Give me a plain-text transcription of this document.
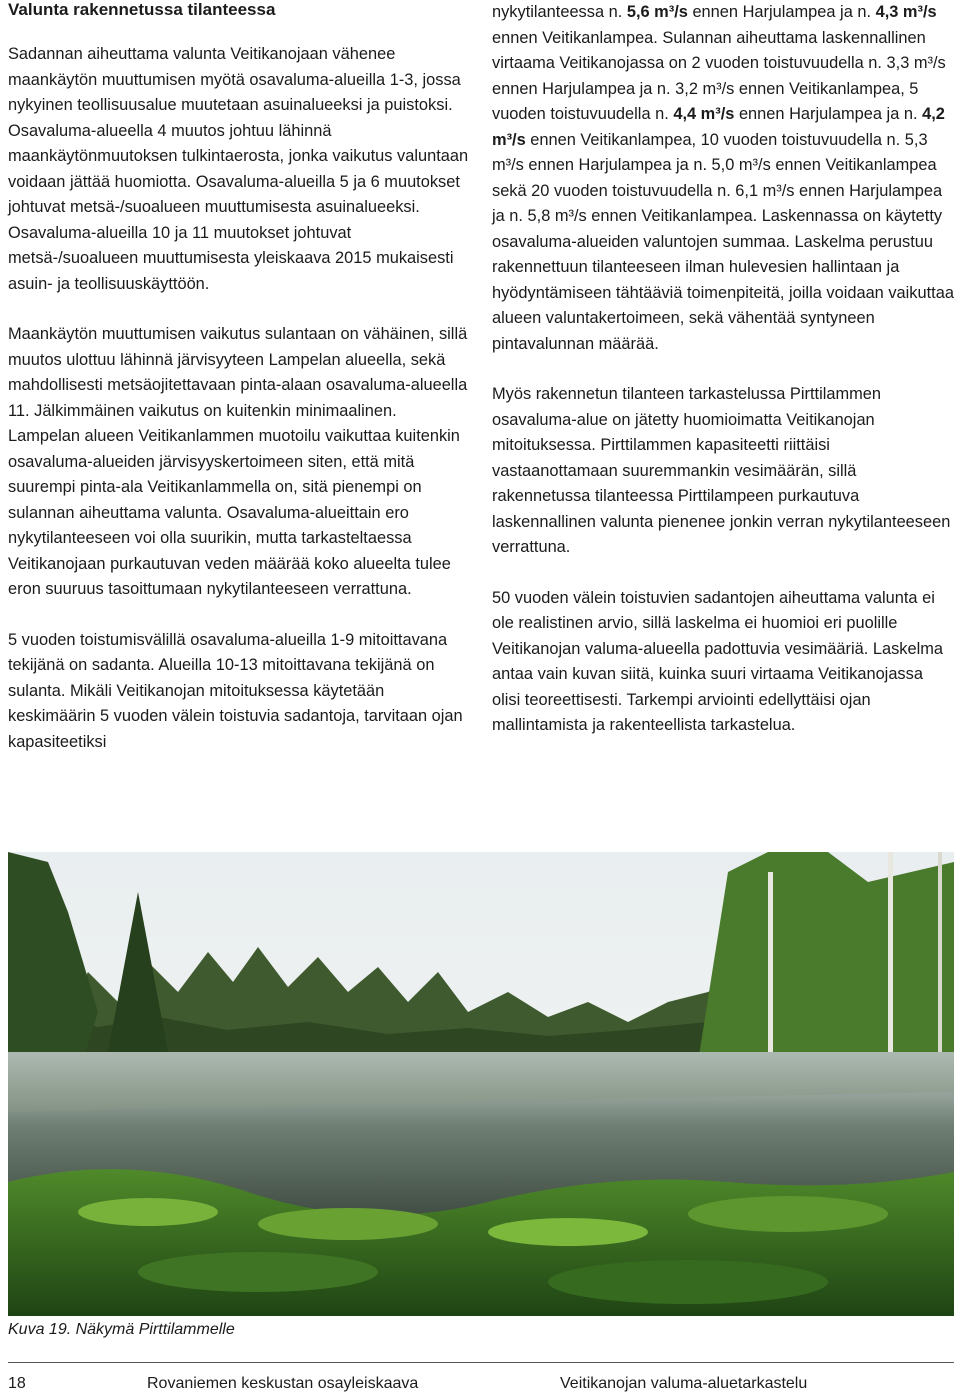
Valunta rakennetussa tilanteessa

Sadannan aiheuttama valunta Veitikanojaan vähenee maankäytön muuttumisen myötä osavaluma-alueilla 1-3, jossa nykyinen teollisuusalue muutetaan asuinalueeksi ja puistoksi. Osavaluma-alueella 4 muutos johtuu lähinnä maankäytönmuutoksen tulkintaerosta, jonka vaikutus valuntaan voidaan jättää huomiotta. Osavaluma-alueilla 5 ja 6 muutokset johtuvat metsä-/suoalueen muuttumisesta asuinalueeksi. Osavaluma-alueilla 10 ja 11 muutokset johtuvat metsä-/suoalueen muuttumisesta yleiskaava 2015 mukaisesti asuin- ja teollisuuskäyttöön.

Maankäytön muuttumisen vaikutus sulantaan on vähäinen, sillä muutos ulottuu lähinnä järvisyyteen Lampelan alueella, sekä mahdollisesti metsäojitettavaan pinta-alaan osavaluma-alueella 11. Jälkimmäinen vaikutus on kuitenkin minimaalinen. Lampelan alueen Veitikanlammen muotoilu vaikuttaa kuitenkin osavaluma-alueiden järvisyyskertoimeen siten, että mitä suurempi pinta-ala Veitikanlammella on, sitä pienempi on sulannan aiheuttama valunta. Osavaluma-alueittain ero nykytilanteeseen voi olla suurikin, mutta tarkasteltaessa Veitikanojaan purkautuvan veden määrää koko alueelta tulee eron suuruus tasoittumaan nykytilanteeseen verrattuna.

5 vuoden toistumisvälillä osavaluma-alueilla 1-9 mitoittavana tekijänä on sadanta. Alueilla 10-13 mitoittavana tekijänä on sulanta. Mikäli Veitikanojan mitoituksessa käytetään keskimäärin 5 vuoden välein toistuvia sadantoja, tarvitaan ojan kapasiteetiksi

nykytilanteessa n. 5,6 m³/s ennen Harjulampea ja n. 4,3 m³/s ennen Veitikanlampea. Sulannan aiheuttama laskennallinen virtaama Veitikanojassa on 2 vuoden toistuvuudella n. 3,3 m³/s ennen Harjulampea ja n. 3,2 m³/s ennen Veitikanlampea, 5 vuoden toistuvuudella n. 4,4 m³/s ennen Harjulampea ja n. 4,2 m³/s ennen Veitikanlampea, 10 vuoden toistuvuudella n. 5,3 m³/s ennen Harjulampea ja n. 5,0 m³/s ennen Veitikanlampea sekä 20 vuoden toistuvuudella n. 6,1 m³/s ennen Harjulampea ja n. 5,8 m³/s ennen Veitikanlampea. Laskennassa on käytetty osavaluma-alueiden valuntojen summaa. Laskelma perustuu rakennettuun tilanteeseen ilman hulevesien hallintaan ja hyödyntämiseen tähtääviä toimenpiteitä, joilla voidaan vaikuttaa alueen valuntakertoimeen, sekä vähentää syntyneen pintavalunnan määrää.

Myös rakennetun tilanteen tarkastelussa Pirttilammen osavaluma-alue on jätetty huomioimatta Veitikanojan mitoituksessa. Pirttilammen kapasiteetti riittäisi vastaanottamaan suuremmankin vesimäärän, sillä rakennetussa tilanteessa Pirttilampeen purkautuva laskennallinen valunta pienenee jonkin verran nykytilanteeseen verrattuna.

50 vuoden välein toistuvien sadantojen aiheuttama valunta ei ole realistinen arvio, sillä laskelma ei huomioi eri puolille Veitikanojan valuma-alueella padottuvia vesimääriä. Laskelma antaa vain kuvan siitä, kuinka suuri virtaama Veitikanojassa olisi teoreettisesti. Tarkempi arviointi edellyttäisi ojan mallintamista ja rakenteellista tarkastelua.

Kuva 19. Näkymä Pirttilammelle
18	Rovaniemen keskustan osayleiskaava	Veitikanojan valuma-aluetarkastelu
